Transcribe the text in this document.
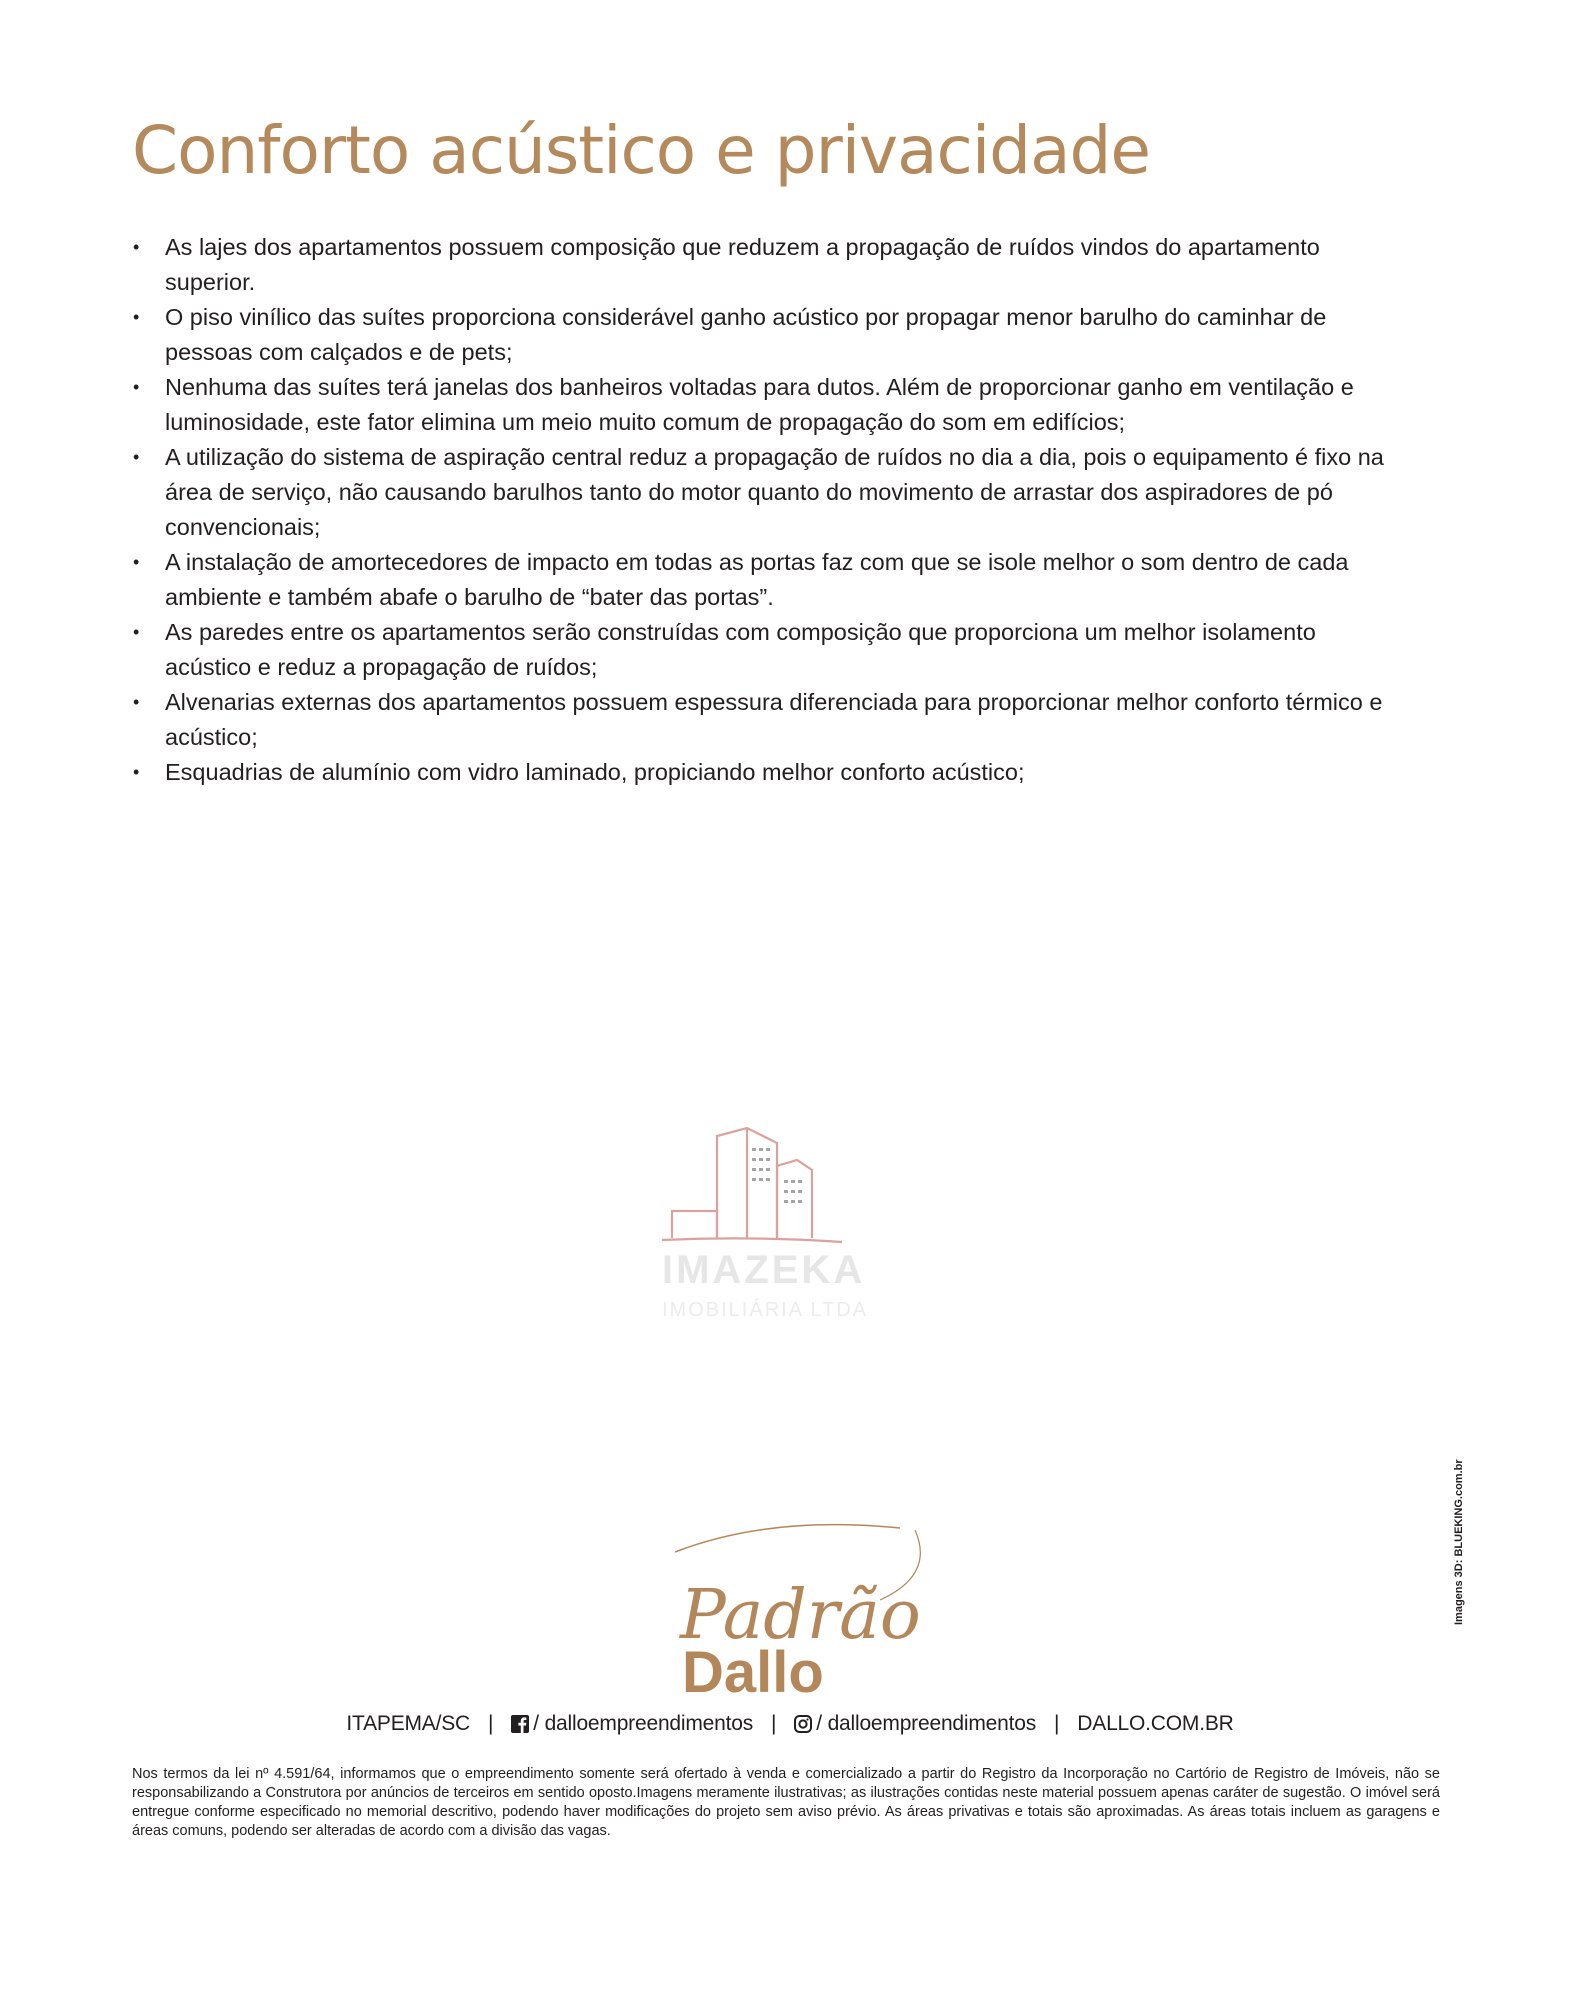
Conforto acústico e privacidade
• As lajes dos apartamentos possuem composição que reduzem a propagação de ruídos vindos do apartamento superior.
• O piso vinílico das suítes proporciona considerável ganho acústico por propagar menor barulho do caminhar de pessoas com calçados e de pets;
• Nenhuma das suítes terá janelas dos banheiros voltadas para dutos. Além de proporcionar ganho em ventilação e luminosidade, este fator elimina um meio muito comum de propagação do som em edifícios;
• A utilização do sistema de aspiração central reduz a propagação de ruídos no dia a dia, pois o equipamento é fixo na área de serviço, não causando barulhos tanto do motor quanto do movimento de arrastar dos aspiradores de pó convencionais;
• A instalação de amortecedores de impacto em todas as portas faz com que se isole melhor o som dentro de cada ambiente e também abafe o barulho de “bater das portas”.
• As paredes entre os apartamentos serão construídas com composição que proporciona um melhor isolamento acústico e reduz a propagação de ruídos;
• Alvenarias externas dos apartamentos possuem espessura diferenciada para proporcionar melhor conforto térmico e acústico;
• Esquadrias de alumínio com vidro laminado, propiciando melhor conforto acústico;
IMAZEKA
IMOBILIÁRIA LTDA
Imagens 3D: BLUEKING.com.br
Padrão
Dallo
ITAPEMA/SC | / dalloempreendimentos | / dalloempreendimentos | DALLO.COM.BR

Nos termos da lei nº 4.591/64, informamos que o empreendimento somente será ofertado à venda e comercializado a partir do Registro da Incorporação no Cartório de Registro de Imóveis, não se responsabilizando a Construtora por anúncios de terceiros em sentido oposto.Imagens meramente ilustrativas; as ilustrações contidas neste material possuem apenas caráter de sugestão. O imóvel será entregue conforme especificado no memorial descritivo, podendo haver modificações do projeto sem aviso prévio. As áreas privativas e totais são aproximadas. As áreas totais incluem as garagens e áreas comuns, podendo ser alteradas de acordo com a divisão das vagas.
